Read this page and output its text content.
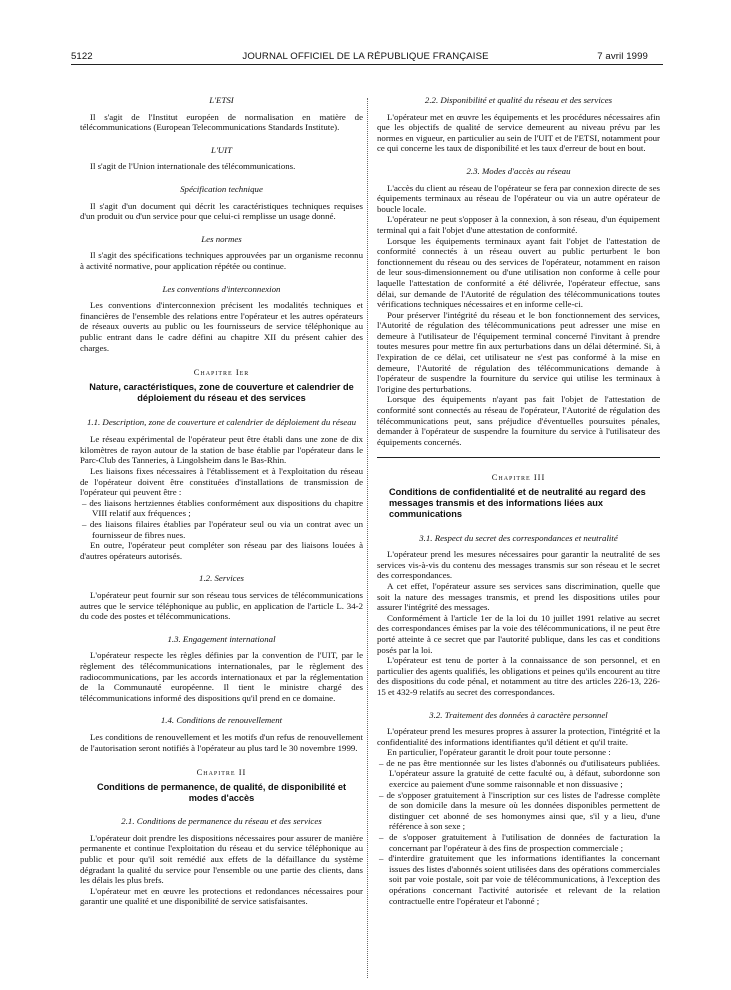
5122	JOURNAL OFFICIEL DE LA RÉPUBLIQUE FRANÇAISE	7 avril 1999
L'ETSI

Il s'agit de l'Institut européen de normalisation en matière de télécommunications (European Telecommunications Standards Institute).

L'UIT

Il s'agit de l'Union internationale des télécommunications.

Spécification technique

Il s'agit d'un document qui décrit les caractéristiques techniques requises d'un produit ou d'un service pour que celui-ci remplisse un usage donné.

Les normes

Il s'agit des spécifications techniques approuvées par un organisme reconnu à activité normative, pour application répétée ou continue.

Les conventions d'interconnexion

Les conventions d'interconnexion précisent les modalités techniques et financières de l'ensemble des relations entre l'opérateur et les autres opérateurs de réseaux ouverts au public ou les fournisseurs de service téléphonique au public entrant dans le cadre défini au chapitre XII du présent cahier des charges.

Chapitre Ier
Nature, caractéristiques, zone de couverture et calendrier de déploiement du réseau et des services
1.1. Description, zone de couverture et calendrier de déploiement du réseau

Le réseau expérimental de l'opérateur peut être établi dans une zone de dix kilomètres de rayon autour de la station de base établie par l'opérateur dans le Parc-Club des Tanneries, à Lingolsheim dans le Bas-Rhin.

Les liaisons fixes nécessaires à l'établissement et à l'exploitation du réseau de l'opérateur doivent être constituées d'installations de transmission de l'opérateur qui peuvent être :

– des liaisons hertziennes établies conformément aux dispositions du chapitre VIII relatif aux fréquences ;
– des liaisons filaires établies par l'opérateur seul ou via un contrat avec un fournisseur de fibres nues.

En outre, l'opérateur peut compléter son réseau par des liaisons louées à d'autres opérateurs autorisés.

1.2. Services

L'opérateur peut fournir sur son réseau tous services de télécommunications autres que le service téléphonique au public, en application de l'article L. 34-2 du code des postes et télécommunications.

1.3. Engagement international

L'opérateur respecte les règles définies par la convention de l'UIT, par le règlement des télécommunications internationales, par le règlement des radiocommunications, par les accords internationaux et par la réglementation de la Communauté européenne. Il tient le ministre chargé des télécommunications informé des dispositions qu'il prend en ce domaine.

1.4. Conditions de renouvellement

Les conditions de renouvellement et les motifs d'un refus de renouvellement de l'autorisation seront notifiés à l'opérateur au plus tard le 30 novembre 1999.

Chapitre II
Conditions de permanence, de qualité, de disponibilité et modes d'accès
2.1. Conditions de permanence du réseau et des services

L'opérateur doit prendre les dispositions nécessaires pour assurer de manière permanente et continue l'exploitation du réseau et du service téléphonique au public et pour qu'il soit remédié aux effets de la défaillance du système dégradant la qualité du service pour l'ensemble ou une partie des clients, dans les délais les plus brefs.

L'opérateur met en œuvre les protections et redondances nécessaires pour garantir une qualité et une disponibilité de service satisfaisantes.

2.2. Disponibilité et qualité du réseau et des services

L'opérateur met en œuvre les équipements et les procédures nécessaires afin que les objectifs de qualité de service demeurent au niveau prévu par les normes en vigueur, en particulier au sein de l'UIT et de l'ETSI, notamment pour ce qui concerne les taux de disponibilité et les taux d'erreur de bout en bout.

2.3. Modes d'accès au réseau

L'accès du client au réseau de l'opérateur se fera par connexion directe de ses équipements terminaux au réseau de l'opérateur ou via un autre opérateur de boucle locale.

L'opérateur ne peut s'opposer à la connexion, à son réseau, d'un équipement terminal qui a fait l'objet d'une attestation de conformité.

Lorsque les équipements terminaux ayant fait l'objet de l'attestation de conformité connectés à un réseau ouvert au public perturbent le bon fonctionnement du réseau ou des services de l'opérateur, notamment en raison de leur sous-dimensionnement ou d'une utilisation non conforme à celle pour laquelle l'attestation de conformité a été délivrée, l'opérateur effectue, sans délai, sur demande de l'Autorité de régulation des télécommunications toutes vérifications techniques nécessaires et en informe celle-ci.

Pour préserver l'intégrité du réseau et le bon fonctionnement des services, l'Autorité de régulation des télécommunications peut adresser une mise en demeure à l'utilisateur de l'équipement terminal concerné l'invitant à prendre toutes mesures pour mettre fin aux perturbations dans un délai déterminé. Si, à l'expiration de ce délai, cet utilisateur ne s'est pas conformé à la mise en demeure, l'Autorité de régulation des télécommunications demande à l'opérateur de suspendre la fourniture du service qui utilise les terminaux à l'origine des perturbations.

Lorsque des équipements n'ayant pas fait l'objet de l'attestation de conformité sont connectés au réseau de l'opérateur, l'Autorité de régulation des télécommunications peut, sans préjudice d'éventuelles poursuites pénales, demander à l'opérateur de suspendre la fourniture du service à l'utilisateur des équipements concernés.

Chapitre III
Conditions de confidentialité et de neutralité au regard des messages transmis et des informations liées aux communications
3.1. Respect du secret des correspondances et neutralité

L'opérateur prend les mesures nécessaires pour garantir la neutralité de ses services vis-à-vis du contenu des messages transmis sur son réseau et le secret des correspondances.

A cet effet, l'opérateur assure ses services sans discrimination, quelle que soit la nature des messages transmis, et prend les dispositions utiles pour assurer l'intégrité des messages.

Conformément à l'article 1er de la loi du 10 juillet 1991 relative au secret des correspondances émises par la voie des télécommunications, il ne peut être porté atteinte à ce secret que par l'autorité publique, dans les cas et conditions posés par la loi.

L'opérateur est tenu de porter à la connaissance de son personnel, et en particulier des agents qualifiés, les obligations et peines qu'ils encourent au titre des dispositions du code pénal, et notamment au titre des articles 226-13, 226-15 et 432-9 relatifs au secret des correspondances.

3.2. Traitement des données à caractère personnel

L'opérateur prend les mesures propres à assurer la protection, l'intégrité et la confidentialité des informations identifiantes qu'il détient et qu'il traite.

En particulier, l'opérateur garantit le droit pour toute personne :

– de ne pas être mentionnée sur les listes d'abonnés ou d'utilisateurs publiées. L'opérateur assure la gratuité de cette faculté ou, à défaut, subordonne son exercice au paiement d'une somme raisonnable et non dissuasive ;
– de s'opposer gratuitement à l'inscription sur ces listes de l'adresse complète de son domicile dans la mesure où les données disponibles permettent de distinguer cet abonné de ses homonymes ainsi que, s'il y a lieu, d'une référence à son sexe ;
– de s'opposer gratuitement à l'utilisation de données de facturation la concernant par l'opérateur à des fins de prospection commerciale ;
– d'interdire gratuitement que les informations identifiantes la concernant issues des listes d'abonnés soient utilisées dans des opérations commerciales soit par voie postale, soit par voie de télécommunications, à l'exception des opérations concernant l'activité autorisée et relevant de la relation contractuelle entre l'opérateur et l'abonné ;
